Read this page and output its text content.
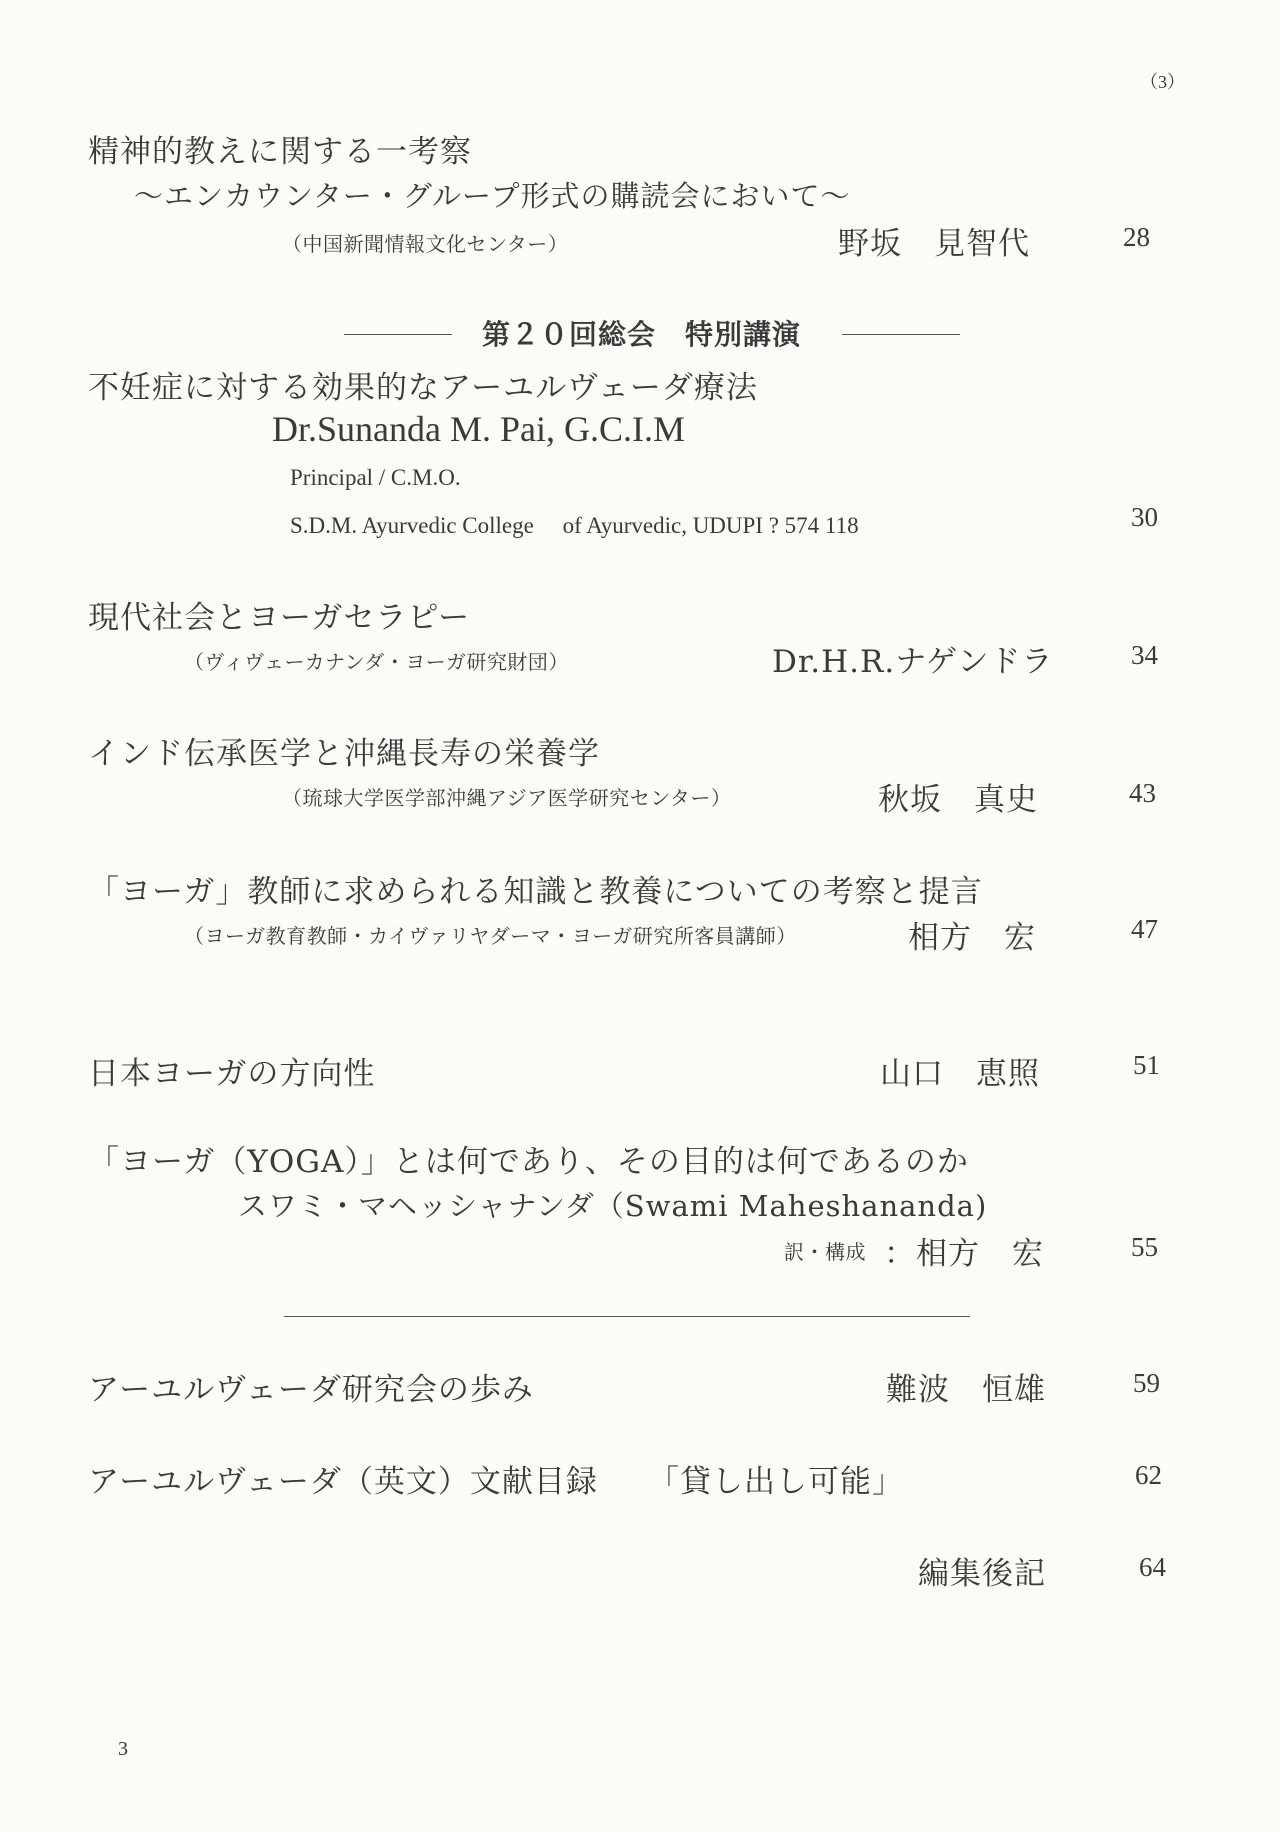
（3）
精神的教えに関する一考察
～エンカウンター・グループ形式の購読会において～
（中国新聞情報文化センター）	野坂　見智代	28
第２０回総会　特別講演
不妊症に対する効果的なアーユルヴェーダ療法
Dr.Sunanda M. Pai, G.C.I.M
Principal / C.M.O.
S.D.M. Ayurvedic College　 of Ayurvedic, UDUPI ? 574 118	30
現代社会とヨーガセラピー
（ヴィヴェーカナンダ・ヨーガ研究財団）	Dr.H.R.ナゲンドラ	34
インド伝承医学と沖縄長寿の栄養学
（琉球大学医学部沖縄アジア医学研究センター）	秋坂　真史	43
「ヨーガ」教師に求められる知識と教養についての考察と提言
（ヨーガ教育教師・カイヴァリヤダーマ・ヨーガ研究所客員講師）	相方　宏	47
日本ヨーガの方向性	山口　恵照	51
「ヨーガ（YOGA）」とは何であり、その目的は何であるのか
スワミ・マヘッシャナンダ（Swami Maheshananda)
訳・構成 ： 相方　宏	55
アーユルヴェーダ研究会の歩み	難波　恒雄	59
アーユルヴェーダ（英文）文献目録 「貸し出し可能」	62
編集後記	64
3
